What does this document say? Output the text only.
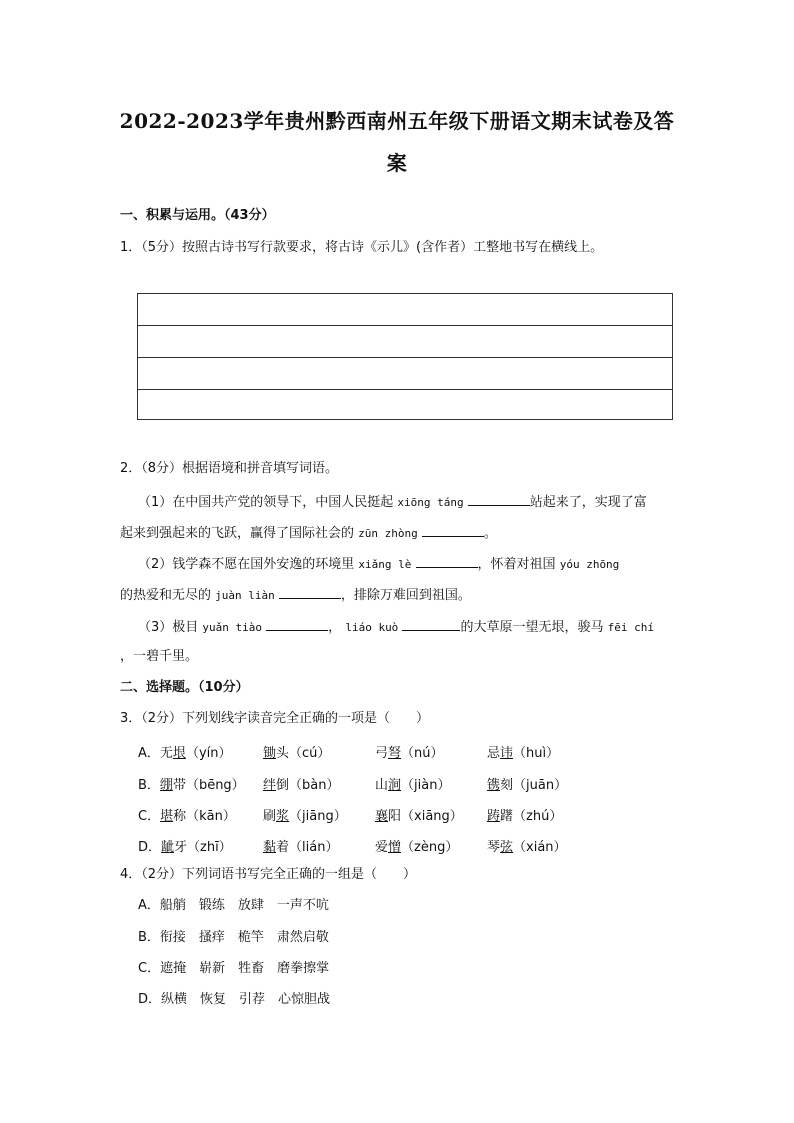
2022-2023学年贵州黔西南州五年级下册语文期末试卷及答
案
一、积累与运用。（43分）
1．（5分）按照古诗书写行款要求，将古诗《示儿》(含作者）工整地书写在横线上。
2．（8分）根据语境和拼音填写词语。
（1）在中国共产党的领导下，中国人民挺起 xiōng táng	站起来了，实现了富
起来到强起来的飞跃，赢得了国际社会的 zūn zhòng	。
（2）钱学森不愿在国外安逸的环境里 xiǎng lè	，怀着对祖国 yóu zhōng
的热爱和无尽的 juàn liàn	，排除万难回到祖国。
（3）极目 yuǎn tiào	， liáo kuò	的大草原一望无垠，骏马 fēi chí
，一碧千里。
二、选择题。（10分）
3．（2分）下列划线字读音完全正确的一项是（　　）
A．无垠（yín） 锄头（cú）	弓弩（nú）	忌讳（huì）
B．绷带（bēng） 绊倒（bàn）	山涧（jiàn）	镌刻（juān）
C．堪称（kān） 刷浆（jiāng） 襄阳（xiāng） 踌躇（zhú）
D．龇牙（zhī） 黏着（lián）	爱憎（zèng） 琴弦（xián）
4．（2分）下列词语书写完全正确的一组是（　　）
A．船艄　锻练　放肆　一声不吭
B．衔接　搔痒　桅竿　肃然启敬
C．遮掩　崭新　牲畜　磨拳擦掌
D．纵横　恢复　引荐　心惊胆战
